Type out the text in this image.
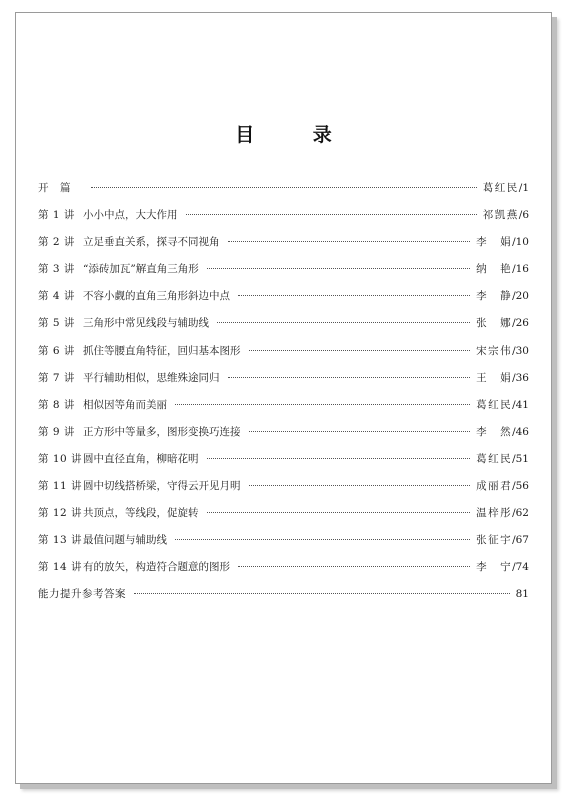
目 录
开　篇	葛红民 / 1
第 1 讲 小小中点，大大作用	祁凯燕 / 6
第 2 讲 立足垂直关系，探寻不同视角	李　娟 / 10
第 3 讲 “添砖加瓦”解直角三角形	纳　艳 / 16
第 4 讲 不容小觑的直角三角形斜边中点	李　静 / 20
第 5 讲 三角形中常见线段与辅助线	张　娜 / 26
第 6 讲 抓住等腰直角特征，回归基本图形	宋宗伟 / 30
第 7 讲 平行辅助相似，思维殊途同归	王　娟 / 36
第 8 讲 相似因等角而美丽	葛红民 / 41
第 9 讲 正方形中等量多，图形变换巧连接	李　然 / 46
第 10 讲 圆中直径直角，柳暗花明	葛红民 / 51
第 11 讲 圆中切线搭桥梁，守得云开见月明	成丽君 / 56
第 12 讲 共顶点，等线段，促旋转	温梓彤 / 62
第 13 讲 最值问题与辅助线	张征宇 / 67
第 14 讲 有的放矢，构造符合题意的图形	李　宁 / 74
能力提升参考答案	81
